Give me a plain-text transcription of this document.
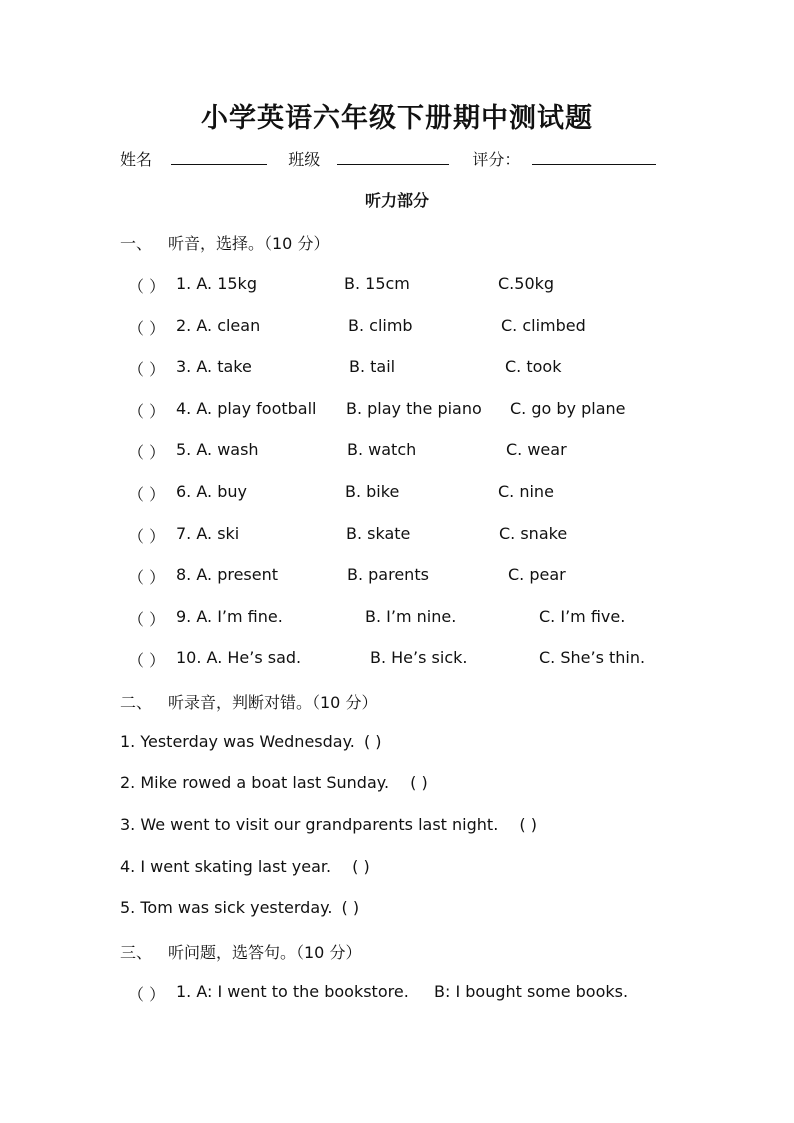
小学英语六年级下册期中测试题
姓名	班级	评分：
听力部分
一、 听音，选择。（10 分）
（ ） 1. A. 15kg	B. 15cm	C.50kg
（ ） 2. A. clean	B. climb	C. climbed
（ ） 3. A. take	B. tail	C. took
（ ） 4. A. play football B. play the piano C. go by plane
（ ） 5. A. wash	B. watch	C. wear
（ ） 6. A. buy	B. bike	C. nine
（ ） 7. A. ski	B. skate	C. snake
（ ） 8. A. present	B. parents	C. pear
（ ） 9. A. I’m fine.	B. I’m nine.	C. I’m five.
（ ） 10. A. He’s sad.	B. He’s sick.	C. She’s thin.
二、 听录音，判断对错。（10 分）
1. Yesterday was Wednesday. ( )
2. Mike rowed a boat last Sunday. ( )
3. We went to visit our grandparents last night. ( )
4. I went skating last year. ( )
5. Tom was sick yesterday. ( )
三、 听问题，选答句。（10 分）
（ ） 1. A: I went to the bookstore. B: I bought some books.
